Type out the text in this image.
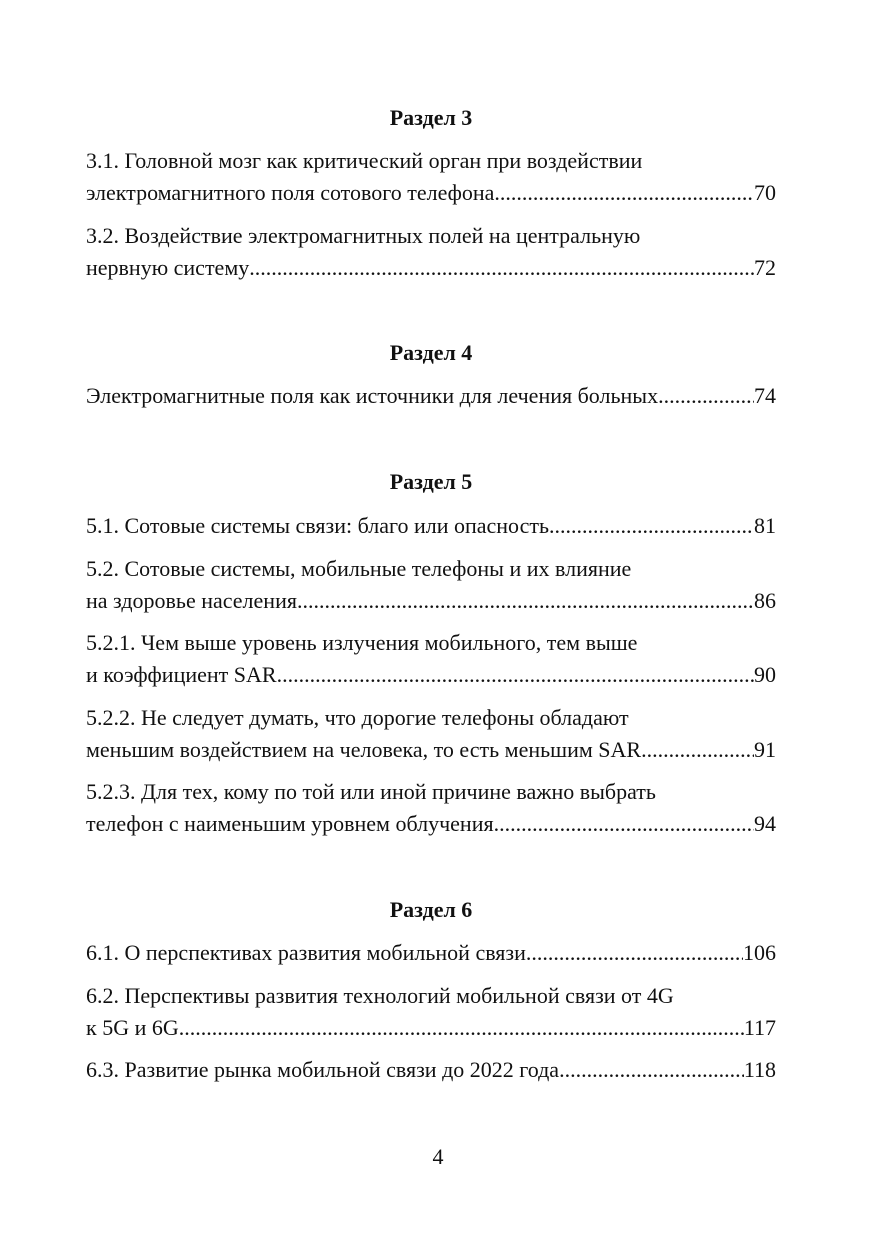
Раздел 3
3.1. Головной мозг как критический орган при воздействии
электромагнитного поля сотового телефона .....	70
3.2. Воздействие электромагнитных полей на центральную
нервную систему .....	72
Раздел 4
Электромагнитные поля как источники для лечения больных .....	74
Раздел 5
5.1. Сотовые системы связи: благо или опасность .....	81
5.2. Сотовые системы, мобильные телефоны и их влияние
на здоровье населения .....	86
5.2.1. Чем выше уровень излучения мобильного, тем выше
и коэффициент SAR .....	90
5.2.2. Не следует думать, что дорогие телефоны обладают
меньшим воздействием на человека, то есть меньшим SAR .....	91
5.2.3. Для тех, кому по той или иной причине важно выбрать
телефон с наименьшим уровнем облучения .....	94
Раздел 6
6.1. О перспективах развития мобильной связи .....	106
6.2. Перспективы развития технологий мобильной связи от 4G
к 5G и 6G .....	117
6.3. Развитие рынка мобильной связи до 2022 года .....	118
4
